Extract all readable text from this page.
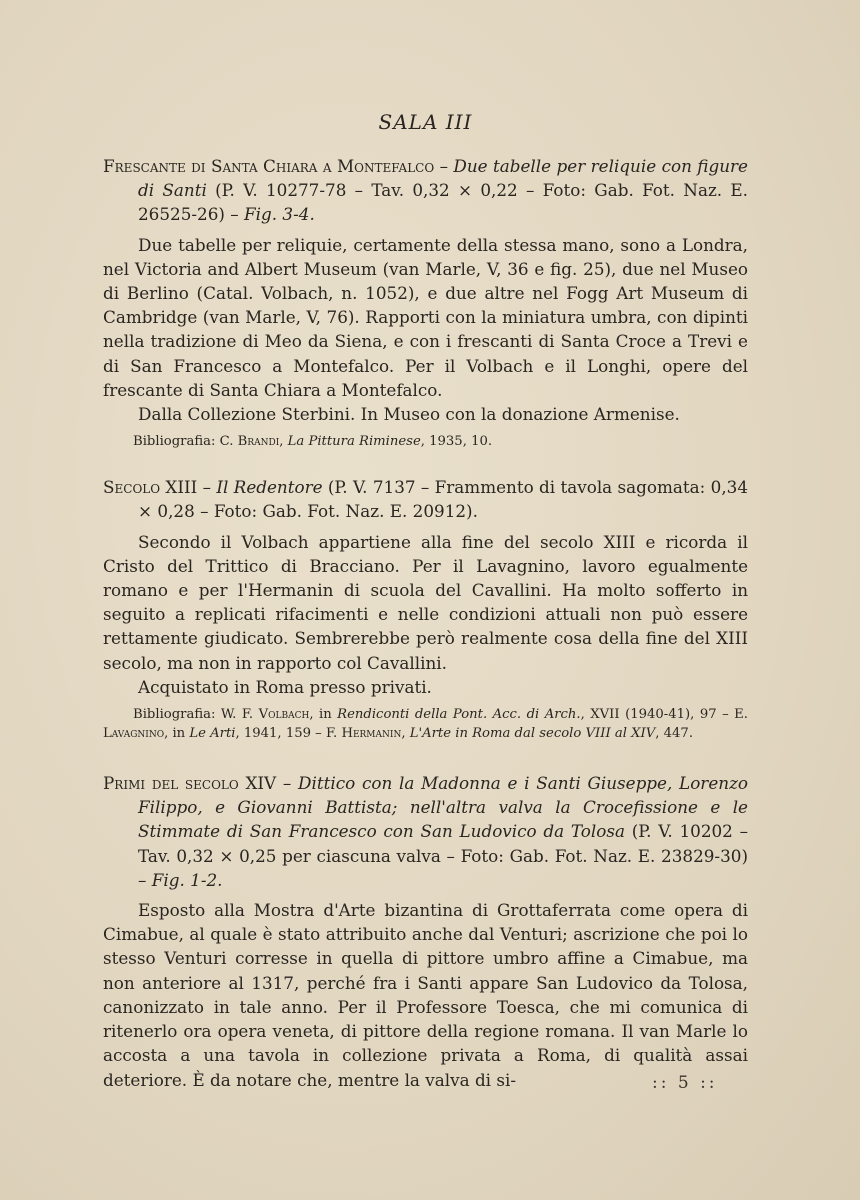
SALA III

Frescante di Santa Chiara a Montefalco – Due tabelle per reliquie con figure di Santi (P. V. 10277-78 – Tav. 0,32 × 0,22 – Foto: Gab. Fot. Naz. E. 26525-26) – Fig. 3-4.

Due tabelle per reliquie, certamente della stessa mano, sono a Londra, nel Victoria and Albert Museum (van Marle, V, 36 e fig. 25), due nel Museo di Berlino (Catal. Volbach, n. 1052), e due altre nel Fogg Art Museum di Cambridge (van Marle, V, 76). Rapporti con la miniatura umbra, con dipinti nella tradizione di Meo da Siena, e con i frescanti di Santa Croce a Trevi e di San Francesco a Montefalco. Per il Volbach e il Longhi, opere del frescante di Santa Chiara a Montefalco.

Dalla Collezione Sterbini. In Museo con la donazione Armenise.

Bibliografia: C. Brandi, La Pittura Riminese, 1935, 10.

Secolo XIII – Il Redentore (P. V. 7137 – Frammento di tavola sagomata: 0,34 × 0,28 – Foto: Gab. Fot. Naz. E. 20912).

Secondo il Volbach appartiene alla fine del secolo XIII e ricorda il Cristo del Trittico di Bracciano. Per il Lavagnino, lavoro egualmente romano e per l'Hermanin di scuola del Cavallini. Ha molto sofferto in seguito a replicati rifacimenti e nelle condizioni attuali non può essere rettamente giudicato. Sembrerebbe però realmente cosa della fine del XIII secolo, ma non in rapporto col Cavallini.

Acquistato in Roma presso privati.

Bibliografia: W. F. Volbach, in Rendiconti della Pont. Acc. di Arch., XVII (1940-41), 97 – E. Lavagnino, in Le Arti, 1941, 159 – F. Hermanin, L'Arte in Roma dal secolo VIII al XIV, 447.

Primi del secolo XIV – Dittico con la Madonna e i Santi Giuseppe, Lorenzo Filippo, e Giovanni Battista; nell'altra valva la Crocefissione e le Stimmate di San Francesco con San Ludovico da Tolosa (P. V. 10202 – Tav. 0,32 × 0,25 per ciascuna valva – Foto: Gab. Fot. Naz. E. 23829-30) – Fig. 1-2.

Esposto alla Mostra d'Arte bizantina di Grottaferrata come opera di Cimabue, al quale è stato attribuito anche dal Venturi; ascrizione che poi lo stesso Venturi corresse in quella di pittore umbro affine a Cimabue, ma non anteriore al 1317, perché fra i Santi appare San Ludovico da Tolosa, canonizzato in tale anno. Per il Professore Toesca, che mi comunica di ritenerlo ora opera veneta, di pittore della regione romana. Il van Marle lo accosta a una tavola in collezione privata a Roma, di qualità assai deteriore. È da notare che, mentre la valva di si-	:: 5 ::
